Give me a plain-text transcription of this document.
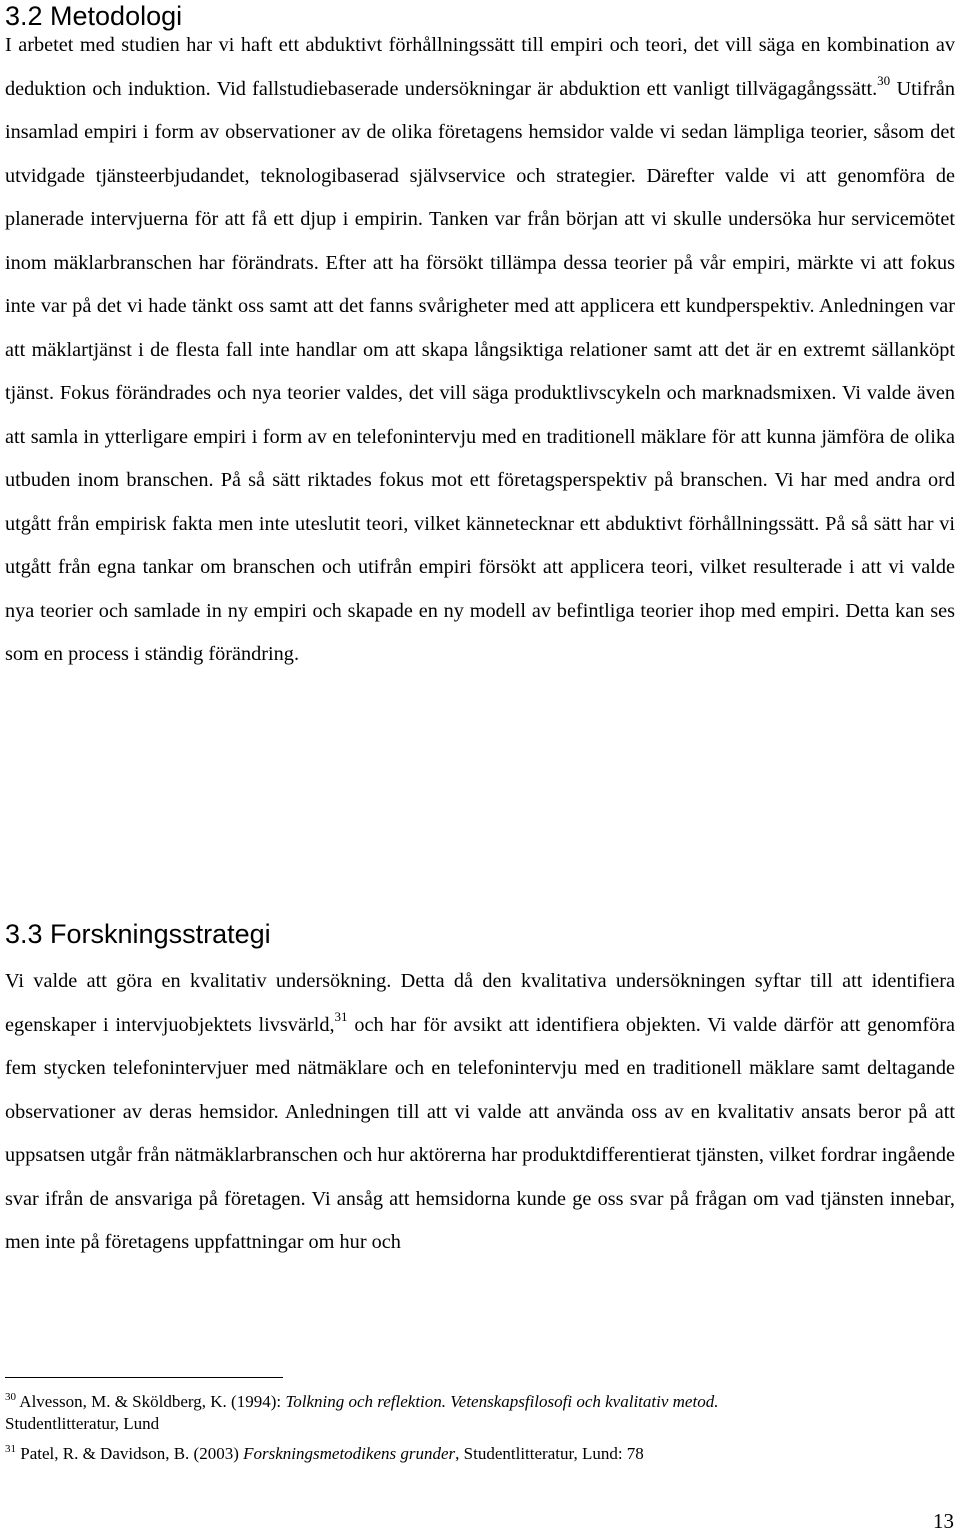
3.2 Metodologi

I arbetet med studien har vi haft ett abduktivt förhållningssätt till empiri och teori, det vill säga en kombination av deduktion och induktion. Vid fallstudiebaserade undersökningar är abduktion ett vanligt tillvägagångssätt.$^{30}$ Utifrån insamlad empiri i form av observationer av de olika företagens hemsidor valde vi sedan lämpliga teorier, såsom det utvidgade tjänsteerbjudandet, teknologibaserad självservice och strategier. Därefter valde vi att genomföra de planerade intervjuerna för att få ett djup i empirin. Tanken var från början att vi skulle undersöka hur servicemötet inom mäklarbranschen har förändrats. Efter att ha försökt tillämpa dessa teorier på vår empiri, märkte vi att fokus inte var på det vi hade tänkt oss samt att det fanns svårigheter med att applicera ett kundperspektiv. Anledningen var att mäklartjänst i de flesta fall inte handlar om att skapa långsiktiga relationer samt att det är en extremt sällanköpt tjänst. Fokus förändrades och nya teorier valdes, det vill säga produktlivscykeln och marknadsmixen. Vi valde även att samla in ytterligare empiri i form av en telefonintervju med en traditionell mäklare för att kunna jämföra de olika utbuden inom branschen. På så sätt riktades fokus mot ett företagsperspektiv på branschen. Vi har med andra ord utgått från empirisk fakta men inte uteslutit teori, vilket kännetecknar ett abduktivt förhållningssätt. På så sätt har vi utgått från egna tankar om branschen och utifrån empiri försökt att applicera teori, vilket resulterade i att vi valde nya teorier och samlade in ny empiri och skapade en ny modell av befintliga teorier ihop med empiri. Detta kan ses som en process i ständig förändring.

3.3 Forskningsstrategi

Vi valde att göra en kvalitativ undersökning. Detta då den kvalitativa undersökningen syftar till att identifiera egenskaper i intervjuobjektets livsvärld,$^{31}$ och har för avsikt att identifiera objekten. Vi valde därför att genomföra fem stycken telefonintervjuer med nätmäklare och en telefonintervju med en traditionell mäklare samt deltagande observationer av deras hemsidor. Anledningen till att vi valde att använda oss av en kvalitativ ansats beror på att uppsatsen utgår från nätmäklarbranschen och hur aktörerna har produktdifferentierat tjänsten, vilket fordrar ingående svar ifrån de ansvariga på företagen. Vi ansåg att hemsidorna kunde ge oss svar på frågan om vad tjänsten innebar, men inte på företagens uppfattningar om hur och

$^{30}$ Alvesson, M. & Sköldberg, K. (1994): Tolkning och reflektion. Vetenskapsfilosofi och kvalitativ metod.
Studentlitteratur, Lund

$^{31}$ Patel, R. & Davidson, B. (2003) Forskningsmetodikens grunder, Studentlitteratur, Lund: 78

13
